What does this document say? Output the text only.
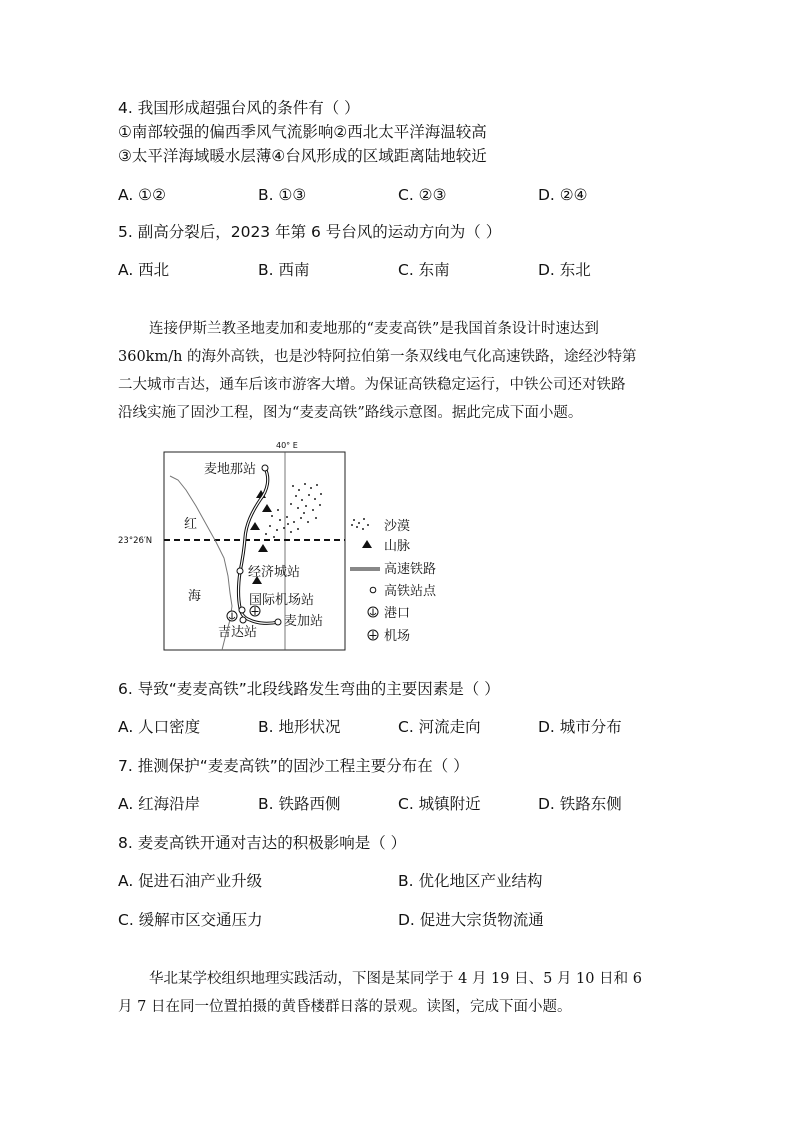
4. 我国形成超强台风的条件有（ ）
①南部较强的偏西季风气流影响②西北太平洋海温较高
③太平洋海域暖水层薄④台风形成的区域距离陆地较近
A. ①②	B. ①③	C. ②③	D. ②④
5. 副高分裂后，2023 年第 6 号台风的运动方向为（ ）
A. 西北	B. 西南	C. 东南	D. 东北
连接伊斯兰教圣地麦加和麦地那的“麦麦高铁”是我国首条设计时速达到
360km/h 的海外高铁，也是沙特阿拉伯第一条双线电气化高速铁路，途经沙特第
二大城市吉达，通车后该市游客大增。为保证高铁稳定运行，中铁公司还对铁路
沿线实施了固沙工程，图为“麦麦高铁”路线示意图。据此完成下面小题。
40° E
23°26′N
红
海
麦地那站
经济城站
国际机场站
吉达站
麦加站
沙漠
山脉
高速铁路
高铁站点
港口
机场
6. 导致“麦麦高铁”北段线路发生弯曲的主要因素是（ ）
A. 人口密度	B. 地形状况	C. 河流走向	D. 城市分布
7. 推测保护“麦麦高铁”的固沙工程主要分布在（ ）
A. 红海沿岸	B. 铁路西侧	C. 城镇附近	D. 铁路东侧
8. 麦麦高铁开通对吉达的积极影响是（ ）
A. 促进石油产业升级	B. 优化地区产业结构
C. 缓解市区交通压力	D. 促进大宗货物流通
华北某学校组织地理实践活动，下图是某同学于 4 月 19 日、5 月 10 日和 6
月 7 日在同一位置拍摄的黄昏楼群日落的景观。读图，完成下面小题。
